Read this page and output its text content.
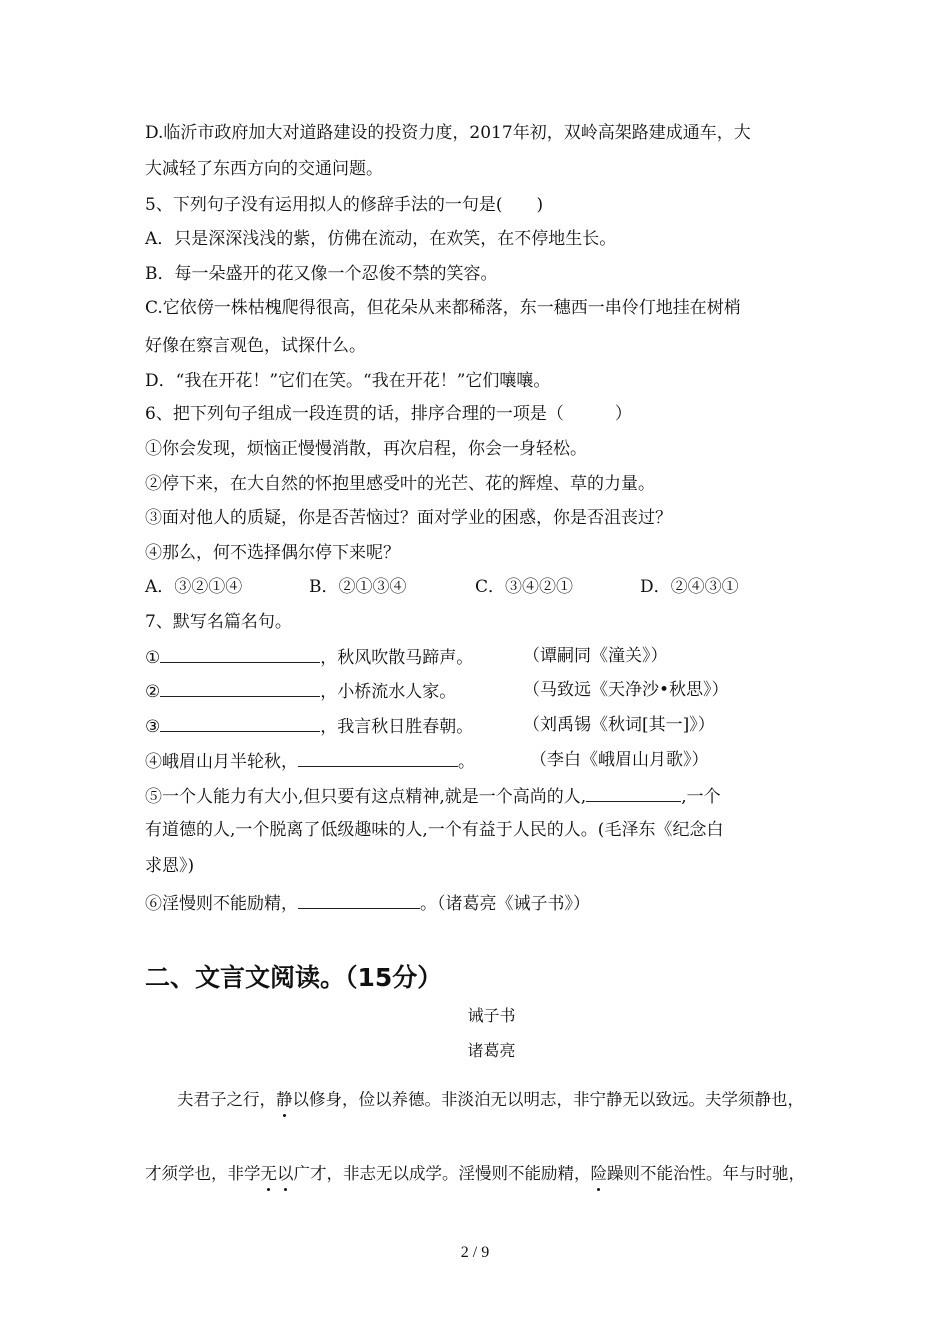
D.临沂市政府加大对道路建设的投资力度，2017年初，双岭高架路建成通车，大
大减轻了东西方向的交通问题。
5、下列句子没有运用拟人的修辞手法的一句是(　　)
A．只是深深浅浅的紫，仿佛在流动，在欢笑，在不停地生长。
B．每一朵盛开的花又像一个忍俊不禁的笑容。
C.它依傍一株枯槐爬得很高，但花朵从来都稀落，东一穗西一串伶仃地挂在树梢
好像在察言观色，试探什么。
D．“我在开花！”它们在笑。“我在开花！”它们嚷嚷。
6、把下列句子组成一段连贯的话，排序合理的一项是（　　　）
①你会发现，烦恼正慢慢消散，再次启程，你会一身轻松。
②停下来，在大自然的怀抱里感受叶的光芒、花的辉煌、草的力量。
③面对他人的质疑，你是否苦恼过？面对学业的困惑，你是否沮丧过？
④那么，何不选择偶尔停下来呢？
A．③②①④	B．②①③④	C．③④②①	D．②④③①
7、默写名篇名句。
①	，秋风吹散马蹄声。	（谭嗣同《潼关》）
②	，小桥流水人家。	（马致远《天净沙•秋思》）
③	，我言秋日胜春朝。	（刘禹锡《秋词[其一]》）
④峨眉山月半轮秋，	。	（李白《峨眉山月歌》）
⑤一个人能力有大小,但只要有这点精神,就是一个高尚的人,	,一个
有道德的人,一个脱离了低级趣味的人,一个有益于人民的人。(毛泽东《纪念白
求恩》)
⑥淫慢则不能励精，	。（诸葛亮《诫子书》）
二、文言文阅读。（15分）
诫子书
诸葛亮
夫君子之行，静以修身，俭以养德。非淡泊无以明志，非宁静无以致远。夫学须静也，
才须学也，非学无以广才，非志无以成学。淫慢则不能励精，险躁则不能治性。年与时驰，
2 / 9
